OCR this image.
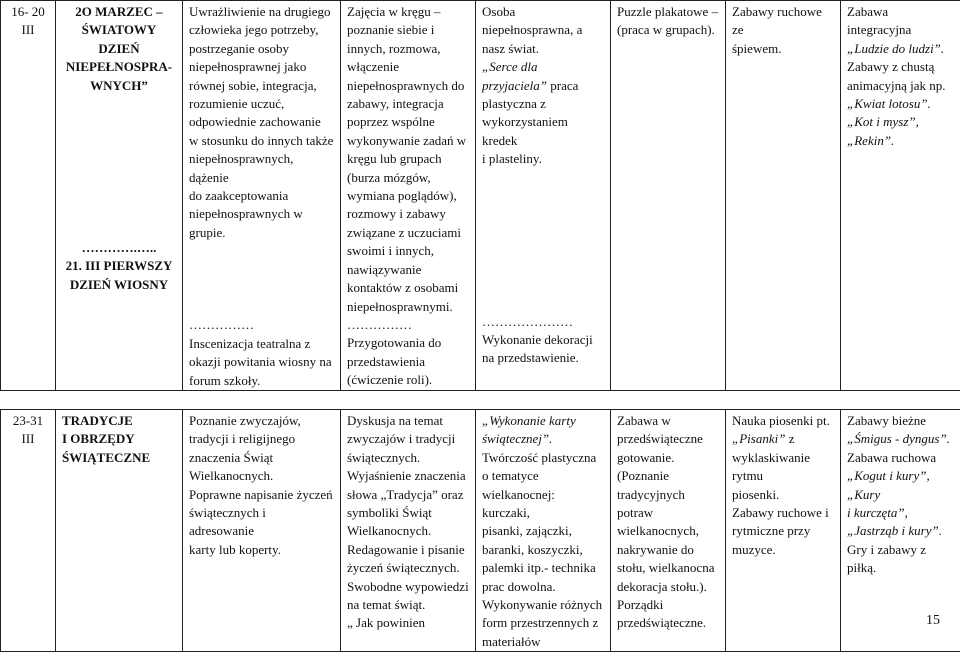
16- 20
III

2O MARZEC –
ŚWIATOWY
DZIEŃ
NIEPEŁNOSPRA-
WNYCH”
………….…..
21. III PIERWSZY
DZIEŃ WIOSNY

Uwrażliwienie na drugiego
człowieka jego potrzeby,
postrzeganie osoby
niepełnosprawnej jako
równej sobie, integracja,
rozumienie uczuć,
odpowiednie zachowanie
w stosunku do innych także
niepełnosprawnych, dążenie
do zaakceptowania
niepełnosprawnych w
grupie.
……………
Inscenizacja teatralna z
okazji powitania wiosny na
forum szkoły.

Zajęcia w kręgu –
poznanie siebie i
innych, rozmowa,
włączenie
niepełnosprawnych do
zabawy, integracja
poprzez wspólne
wykonywanie zadań w
kręgu lub grupach
(burza mózgów,
wymiana poglądów),
rozmowy i zabawy
związane z uczuciami
swoimi i innych,
nawiązywanie
kontaktów z osobami
niepełnosprawnymi.
……………
Przygotowania do
przedstawienia
(ćwiczenie roli).

Osoba
niepełnosprawna, a
nasz świat.
„Serce dla
przyjaciela” praca
plastyczna z
wykorzystaniem kredek
i plasteliny.
…………………
Wykonanie dekoracji
na przedstawienie.

Puzzle plakatowe –
(praca w grupach).

Zabawy ruchowe ze
śpiewem.

Zabawa
integracyjna
„Ludzie do ludzi”.
Zabawy z chustą
animacyjną jak np.
„Kwiat lotosu”.
„Kot i mysz”,
„Rekin”.
23-31
III

TRADYCJE
I OBRZĘDY
ŚWIĄTECZNE

Poznanie zwyczajów,
tradycji i religijnego
znaczenia Świąt
Wielkanocnych.
Poprawne napisanie życzeń
świątecznych i adresowanie
karty lub koperty.

Dyskusja na temat
zwyczajów i tradycji
świątecznych.
Wyjaśnienie znaczenia
słowa „Tradycja” oraz
symboliki Świąt
Wielkanocnych.
Redagowanie i pisanie
życzeń świątecznych.
Swobodne wypowiedzi
na temat świąt.
„ Jak powinien

„Wykonanie karty
świątecznej”.
Twórczość plastyczna
o tematyce
wielkanocnej: kurczaki,
pisanki, zajączki,
baranki, koszyczki,
palemki itp.- technika
prac dowolna.
Wykonywanie różnych
form przestrzennych z
materiałów

Zabawa w
przedświąteczne
gotowanie.
(Poznanie
tradycyjnych
potraw
wielkanocnych,
nakrywanie do
stołu, wielkanocna
dekoracja stołu.).
Porządki
przedświąteczne.

Nauka piosenki pt.
„Pisanki” z
wyklaskiwanie rytmu
piosenki.
Zabawy ruchowe i
rytmiczne przy
muzyce.

Zabawy bieżne
„Śmigus - dyngus”.
Zabawa ruchowa
„Kogut i kury”,
„Kury
i kurczęta”,
„Jastrząb i kury”.
Gry i zabawy z
piłką.
15
